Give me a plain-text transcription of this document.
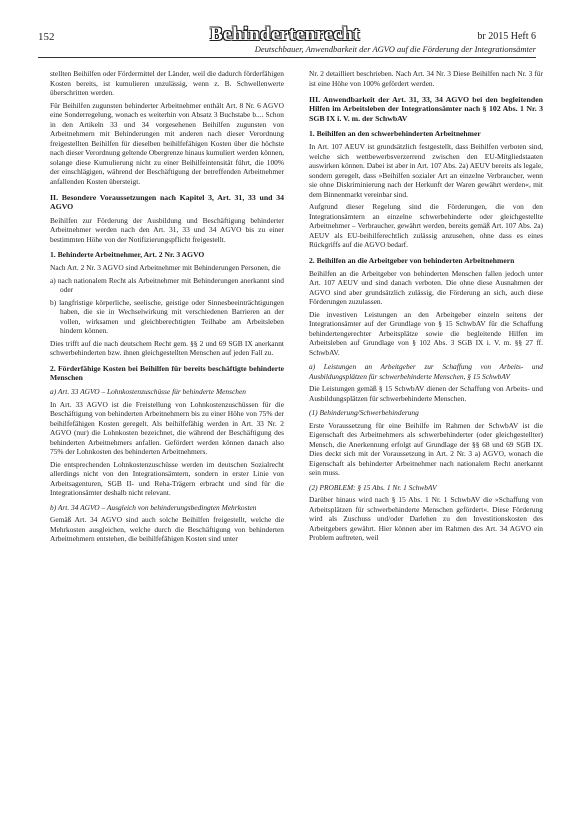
152	Behindertenrecht	br 2015 Heft 6
Deutschbauer, Anwendbarkeit der AGVO auf die Förderung der Integrationsämter

stellten Beihilfen oder Fördermittel der Länder, weil die dadurch förderfähigen Kosten bereits, ist kumulieren unzulässig, wenn z. B. Schwellenwerte überschritten werden.

Für Beihilfen zugunsten behinderter Arbeitnehmer enthält Art. 8 Nr. 6 AGVO eine Sonderregelung, wonach es weiterhin von Absatz 3 Buchstabe b.... Schon in den Artikeln 33 und 34 vorgesehenen Beihilfen zugunsten von Arbeitnehmern mit Behinderungen mit anderen nach dieser Verordnung freigestellten Beihilfen für dieselben beihilfefähigen Kosten über die höchste nach dieser Verordnung geltende Obergrenze hinaus kumuliert werden können, solange diese Kumulierung nicht zu einer Beihilfeintensität führt, die 100% der einschlägigen, während der Beschäftigung der betreffenden Arbeitnehmer anfallenden Kosten übersteigt.

II. Besondere Voraussetzungen nach Kapitel 3, Art. 31, 33 und 34 AGVO

Beihilfen zur Förderung der Ausbildung und Beschäftigung behinderter Arbeitnehmer werden nach den Art. 31, 33 und 34 AGVO bis zu einer bestimmten Höhe von der Notifizierungspflicht freigestellt.

1. Behinderte Arbeitnehmer, Art. 2 Nr. 3 AGVO

Nach Art. 2 Nr. 3 AGVO sind Arbeitnehmer mit Behinderungen Personen, die

a) nach nationalem Recht als Arbeitnehmer mit Behinderungen anerkannt sind oder

b) langfristige körperliche, seelische, geistige oder Sinnesbeeinträchtigungen haben, die sie in Wechselwirkung mit verschiedenen Barrieren an der vollen, wirksamen und gleichberechtigten Teilhabe am Arbeitsleben hindern können.

Dies trifft auf die nach deutschem Recht gem. §§ 2 und 69 SGB IX anerkannt schwerbehinderten bzw. ihnen gleichgestellten Menschen auf jeden Fall zu.

2. Förderfähige Kosten bei Beihilfen für bereits beschäftigte behinderte Menschen
a) Art. 33 AGVO – Lohnkostenzuschüsse für behinderte Menschen

In Art. 33 AGVO ist die Freistellung von Lohnkostenzuschüssen für die Beschäftigung von behinderten Arbeitnehmern bis zu einer Höhe von 75% der beihilfefähigen Kosten geregelt. Als beihilfefähig werden in Art. 33 Nr. 2 AGVO (nur) die Lohnkosten bezeichnet, die während der Beschäftigung des behinderten Arbeitnehmers anfallen. Gefördert werden können danach also 75% der Lohnkosten des behinderten Arbeitnehmers.

Die entsprechenden Lohnkostenzuschüsse werden im deutschen Sozialrecht allerdings nicht von den Integrationsämtern, sondern in erster Linie von Arbeitsagenturen, SGB II- und Reha-Trägern erbracht und sind für die Integrationsämter deshalb nicht relevant.

b) Art. 34 AGVO – Ausgleich von behinderungsbedingten Mehrkosten

Gemäß Art. 34 AGVO sind auch solche Beihilfen freigestellt, welche die Mehrkosten ausgleichen, welche durch die Beschäftigung von behinderten Arbeitnehmern entstehen, die beihilfefähigen Kosten sind unter

Nr. 2 detailliert beschrieben. Nach Art. 34 Nr. 3 Diese Beihilfen nach Nr. 3 für ist eine Höhe von 100% gefördert werden.

III. Anwendbarkeit der Art. 31, 33, 34 AGVO bei den begleitenden Hilfen im Arbeitsleben der Integrationsämter nach § 102 Abs. 1 Nr. 3 SGB IX i. V. m. der SchwbAV
1. Beihilfen an den schwerbehinderten Arbeitnehmer

In Art. 107 AEUV ist grundsätzlich festgestellt, dass Beihilfen verboten sind, welche sich wettbewerbsverzerrend zwischen den EU-Mitgliedstaaten auswirken können. Dabei ist aber in Art. 107 Abs. 2a) AEUV bereits als legale, sondern geregelt, dass »Beihilfen sozialer Art an einzelne Verbraucher, wenn sie ohne Diskriminierung nach der Herkunft der Waren gewährt werden«, mit dem Binnenmarkt vereinbar sind.

Aufgrund dieser Regelung sind die Förderungen, die von den Integrationsämtern an einzelne schwerbehinderte oder gleichgestellte Arbeitnehmer – Verbraucher, gewährt werden, bereits gemäß Art. 107 Abs. 2a) AEUV als EU-beihilferechtlich zulässig anzusehen, ohne dass es eines Rückgriffs auf die AGVO bedarf.

2. Beihilfen an die Arbeitgeber von behinderten Arbeitnehmern

Beihilfen an die Arbeitgeber von behinderten Menschen fallen jedoch unter Art. 107 AEUV und sind danach verboten. Die ohne diese Ausnahmen der AGVO sind aber grundsätzlich zulässig, die Förderung an sich, auch diese Förderungen zuzulassen.

Die investiven Leistungen an den Arbeitgeber einzeln seitens der Integrationsämter auf der Grundlage von § 15 SchwbAV für die Schaffung behindertengerechter Arbeitsplätze sowie die begleitende Hilfen im Arbeitsleben auf Grundlage von § 102 Abs. 3 SGB IX i. V. m. §§ 27 ff. SchwbAV.

a) Leistungen an Arbeitgeber zur Schaffung von Arbeits- und Ausbildungsplätzen für schwerbehinderte Menschen, § 15 SchwbAV

Die Leistungen gemäß § 15 SchwbAV dienen der Schaffung von Arbeits- und Ausbildungsplätzen für schwerbehinderte Menschen.

(1) Behinderung/Schwerbehinderung

Erste Voraussetzung für eine Beihilfe im Rahmen der SchwbAV ist die Eigenschaft des Arbeitnehmers als schwerbehinderter (oder gleichgestellter) Mensch, die Anerkennung erfolgt auf Grundlage der §§ 68 und 69 SGB IX. Dies deckt sich mit der Voraussetzung in Art. 2 Nr. 3 a) AGVO, wonach die Eigenschaft als behinderter Arbeitnehmer nach nationalem Recht anerkannt sein muss.

(2) PROBLEM: § 15 Abs. 1 Nr. 1 SchwbAV

Darüber hinaus wird nach § 15 Abs. 1 Nr. 1 SchwbAV die »Schaffung von Arbeitsplätzen für schwerbehinderte Menschen gefördert«. Diese Förderung wird als Zuschuss und/oder Darlehen zu den Investitionskosten des Arbeitgebers gewährt. Hier können aber im Rahmen des Art. 34 AGVO ein Problem auftreten, weil
